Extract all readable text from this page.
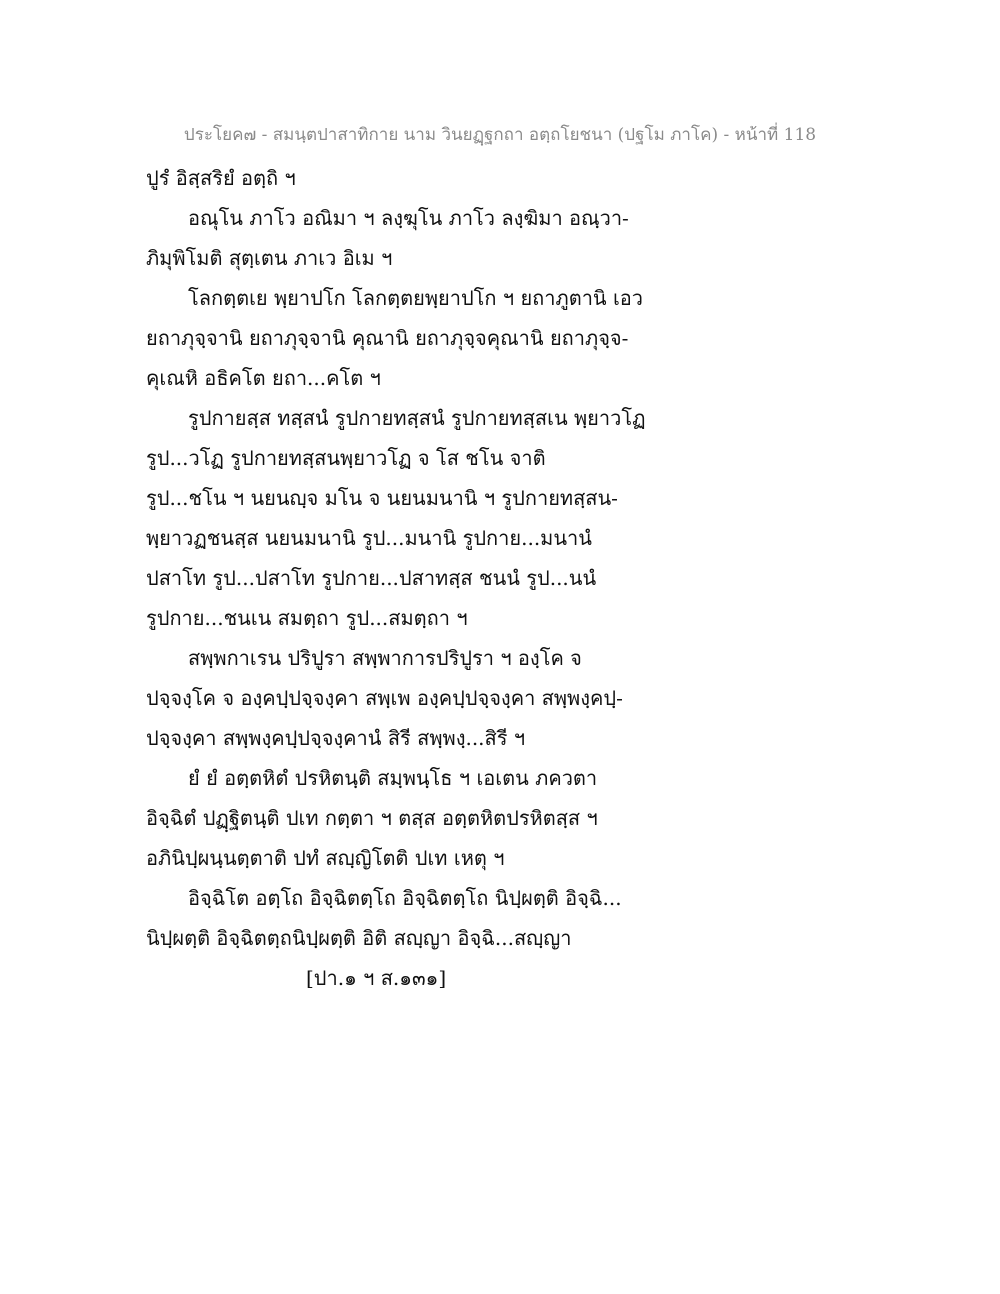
ประโยค๗ - สมนฺตปาสาทิกาย นาม วินยฏฺฐกถา อตฺถโยชนา (ปฐโม ภาโค) - หน้าที่ 118
ปูรํ อิสฺสริยํ อตฺถิ ฯ
อณุโน ภาโว อณิมา ฯ ลงฺฆุโน ภาโว ลงฺฆิมา อณฺวา-
ภิมุพิโมติ สุตฺเตน ภาเว อิเม ฯ
โลกตฺตเย พฺยาปโก โลกตฺตยพฺยาปโก ฯ ยถาภูตานิ เอว
ยถาภุจฺจานิ ยถาภุจฺจานิ คุณานิ ยถาภุจฺจคุณานิ ยถาภุจฺจ-
คุเณหิ อธิคโต ยถา...คโต ฯ
รูปกายสฺส ทสฺสนํ รูปกายทสฺสนํ รูปกายทสฺสเน พฺยาวโฏ
รูป...วโฏ รูปกายทสฺสนพฺยาวโฏ จ โส ชโน จาติ
รูป...ชโน ฯ นยนญฺจ มโน จ นยนมนานิ ฯ รูปกายทสฺสน-
พฺยาวฏชนสฺส นยนมนานิ รูป...มนานิ รูปกาย...มนานํ
ปสาโท รูป...ปสาโท รูปกาย...ปสาทสฺส ชนนํ รูป...นนํ
รูปกาย...ชนเน สมตฺถา รูป...สมตฺถา ฯ
สพฺพกาเรน ปริปูรา สพฺพาการปริปูรา ฯ องฺโค จ
ปจฺจงฺโค จ องฺคปฺปจฺจงฺคา สพฺเพ องฺคปฺปจฺจงฺคา สพฺพงฺคปฺ-
ปจฺจงฺคา สพฺพงฺคปฺปจฺจงฺคานํ สิรี สพฺพงฺ...สิรี ฯ
ยํ ยํ อตฺตหิตํ ปรหิตนฺติ สมฺพนฺโธ ฯ เอเตน ภควตา
อิจฺฉิตํ ปฏฺฐิตนฺติ ปเท กตฺตา ฯ ตสฺส อตฺตหิตปรหิตสฺส ฯ
อภินิปฺผนฺนตฺตาติ ปทํ สญฺญิโตติ ปเท เหตุ ฯ
อิจฺฉิโต อตฺโถ อิจฺฉิตตฺโถ อิจฺฉิตตฺโถ นิปฺผตฺติ อิจฺฉิ...
นิปฺผตฺติ อิจฺฉิตตฺถนิปฺผตฺติ อิติ สญฺญา อิจฺฉิ...สญฺญา
[ปา.๑ ฯ ส.๑๓๑]
